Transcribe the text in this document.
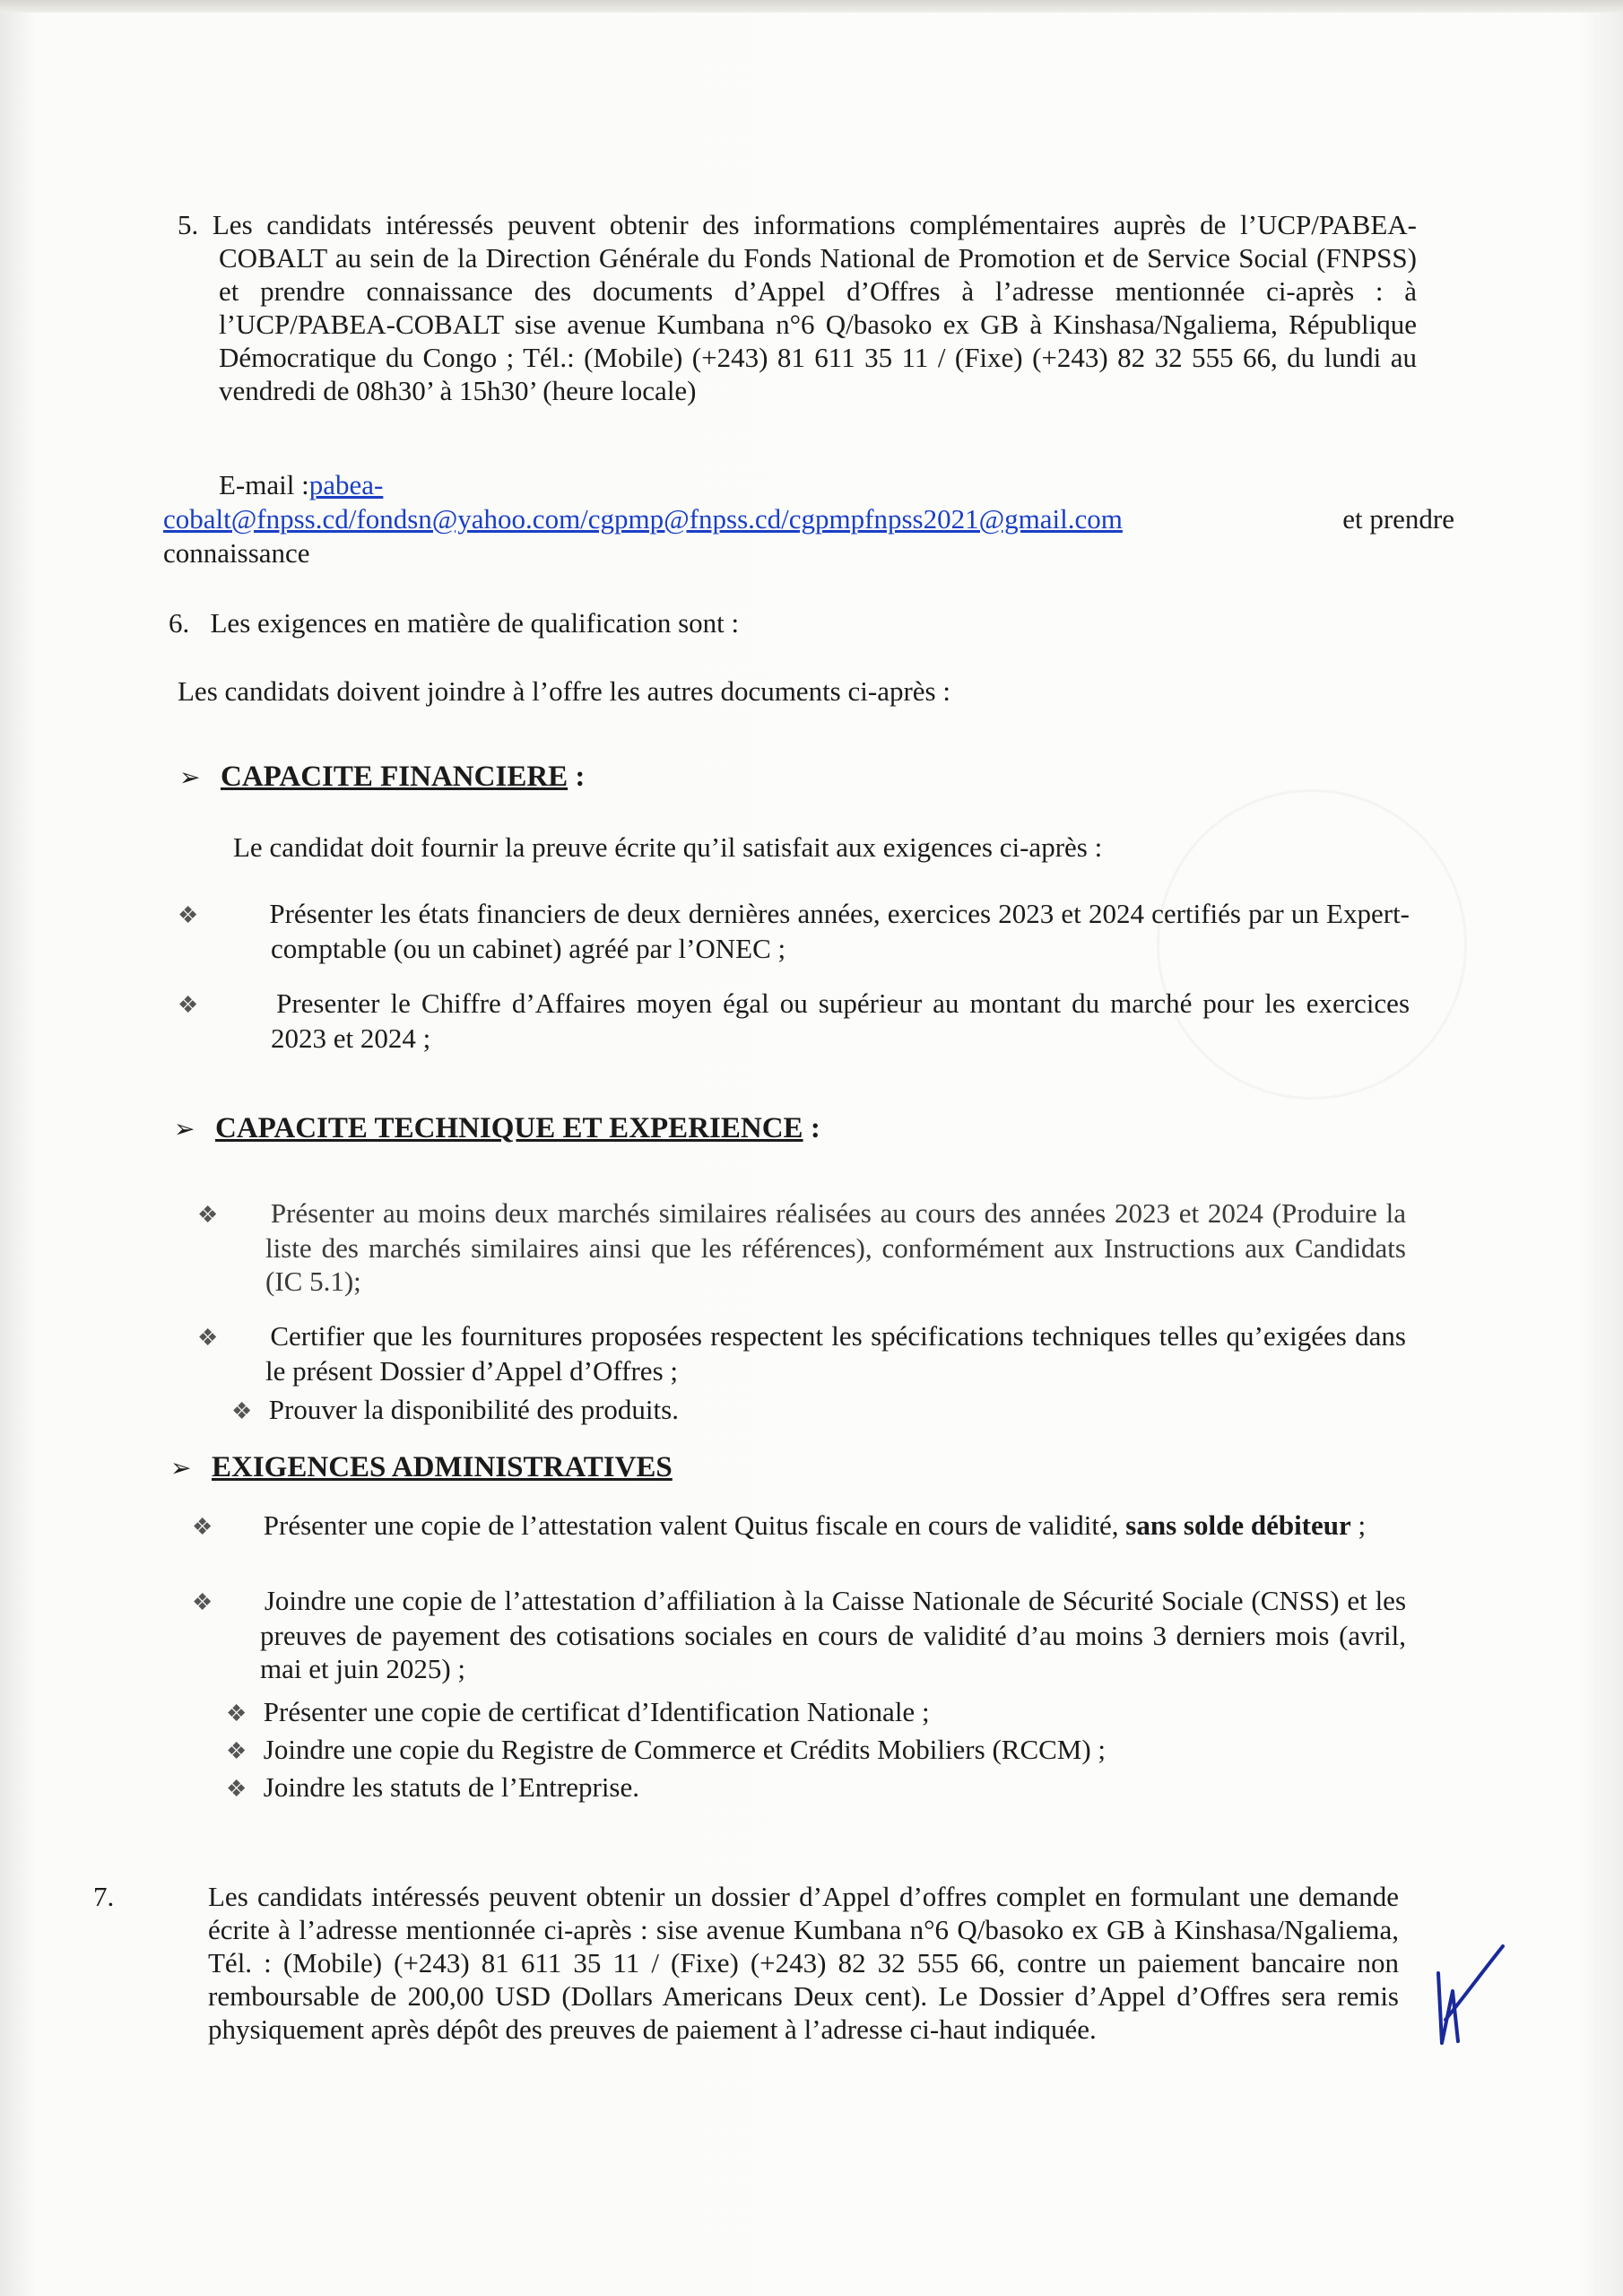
5. Les candidats intéressés peuvent obtenir des informations complémentaires auprès de l’UCP/PABEA-COBALT au sein de la Direction Générale du Fonds National de Promotion et de Service Social (FNPSS) et prendre connaissance des documents d’Appel d’Offres à l’adresse mentionnée ci-après : à l’UCP/PABEA-COBALT sise avenue Kumbana n°6 Q/basoko ex GB à Kinshasa/Ngaliema, République Démocratique du Congo ; Tél.: (Mobile) (+243) 81 611 35 11 / (Fixe) (+243) 82 32 555 66, du lundi au vendredi de 08h30’ à 15h30’ (heure locale)

E-mail :pabea-

cobalt@fnpss.cd/fondsn@yahoo.com/cgpmp@fnpss.cd/cgpmpfnpss2021@gmail.com	et prendre

connaissance

6. Les exigences en matière de qualification sont :

Les candidats doivent joindre à l’offre les autres documents ci-après :

➢ CAPACITE FINANCIERE :

Le candidat doit fournir la preuve écrite qu’il satisfait aux exigences ci-après :

❖	Présenter les états financiers de deux dernières années, exercices 2023 et 2024 certifiés par un Expert-comptable (ou un cabinet) agréé par l’ONEC ;

❖	Presenter le Chiffre d’Affaires moyen égal ou supérieur au montant du marché pour les exercices 2023 et 2024 ;

➢ CAPACITE TECHNIQUE ET EXPERIENCE :

❖ Présenter au moins deux marchés similaires réalisées au cours des années 2023 et 2024 (Produire la liste des marchés similaires ainsi que les références), conformément aux Instructions aux Candidats (IC 5.1);

❖ Certifier que les fournitures proposées respectent les spécifications techniques telles qu’exigées dans le présent Dossier d’Appel d’Offres ;

❖ Prouver la disponibilité des produits.

➢ EXIGENCES ADMINISTRATIVES

❖ Présenter une copie de l’attestation valent Quitus fiscale en cours de validité, sans solde débiteur ;

❖ Joindre une copie de l’attestation d’affiliation à la Caisse Nationale de Sécurité Sociale (CNSS) et les preuves de payement des cotisations sociales en cours de validité d’au moins 3 derniers mois (avril, mai et juin 2025) ;

❖ Présenter une copie de certificat d’Identification Nationale ;

❖ Joindre une copie du Registre de Commerce et Crédits Mobiliers (RCCM) ;

❖ Joindre les statuts de l’Entreprise.

7.	Les candidats intéressés peuvent obtenir un dossier d’Appel d’offres complet en formulant une demande écrite à l’adresse mentionnée ci-après : sise avenue Kumbana n°6 Q/basoko ex GB à Kinshasa/Ngaliema, Tél. : (Mobile) (+243) 81 611 35 11 / (Fixe) (+243) 82 32 555 66, contre un paiement bancaire non remboursable de 200,00 USD (Dollars Americans Deux cent). Le Dossier d’Appel d’Offres sera remis physiquement après dépôt des preuves de paiement à l’adresse ci-haut indiquée.
